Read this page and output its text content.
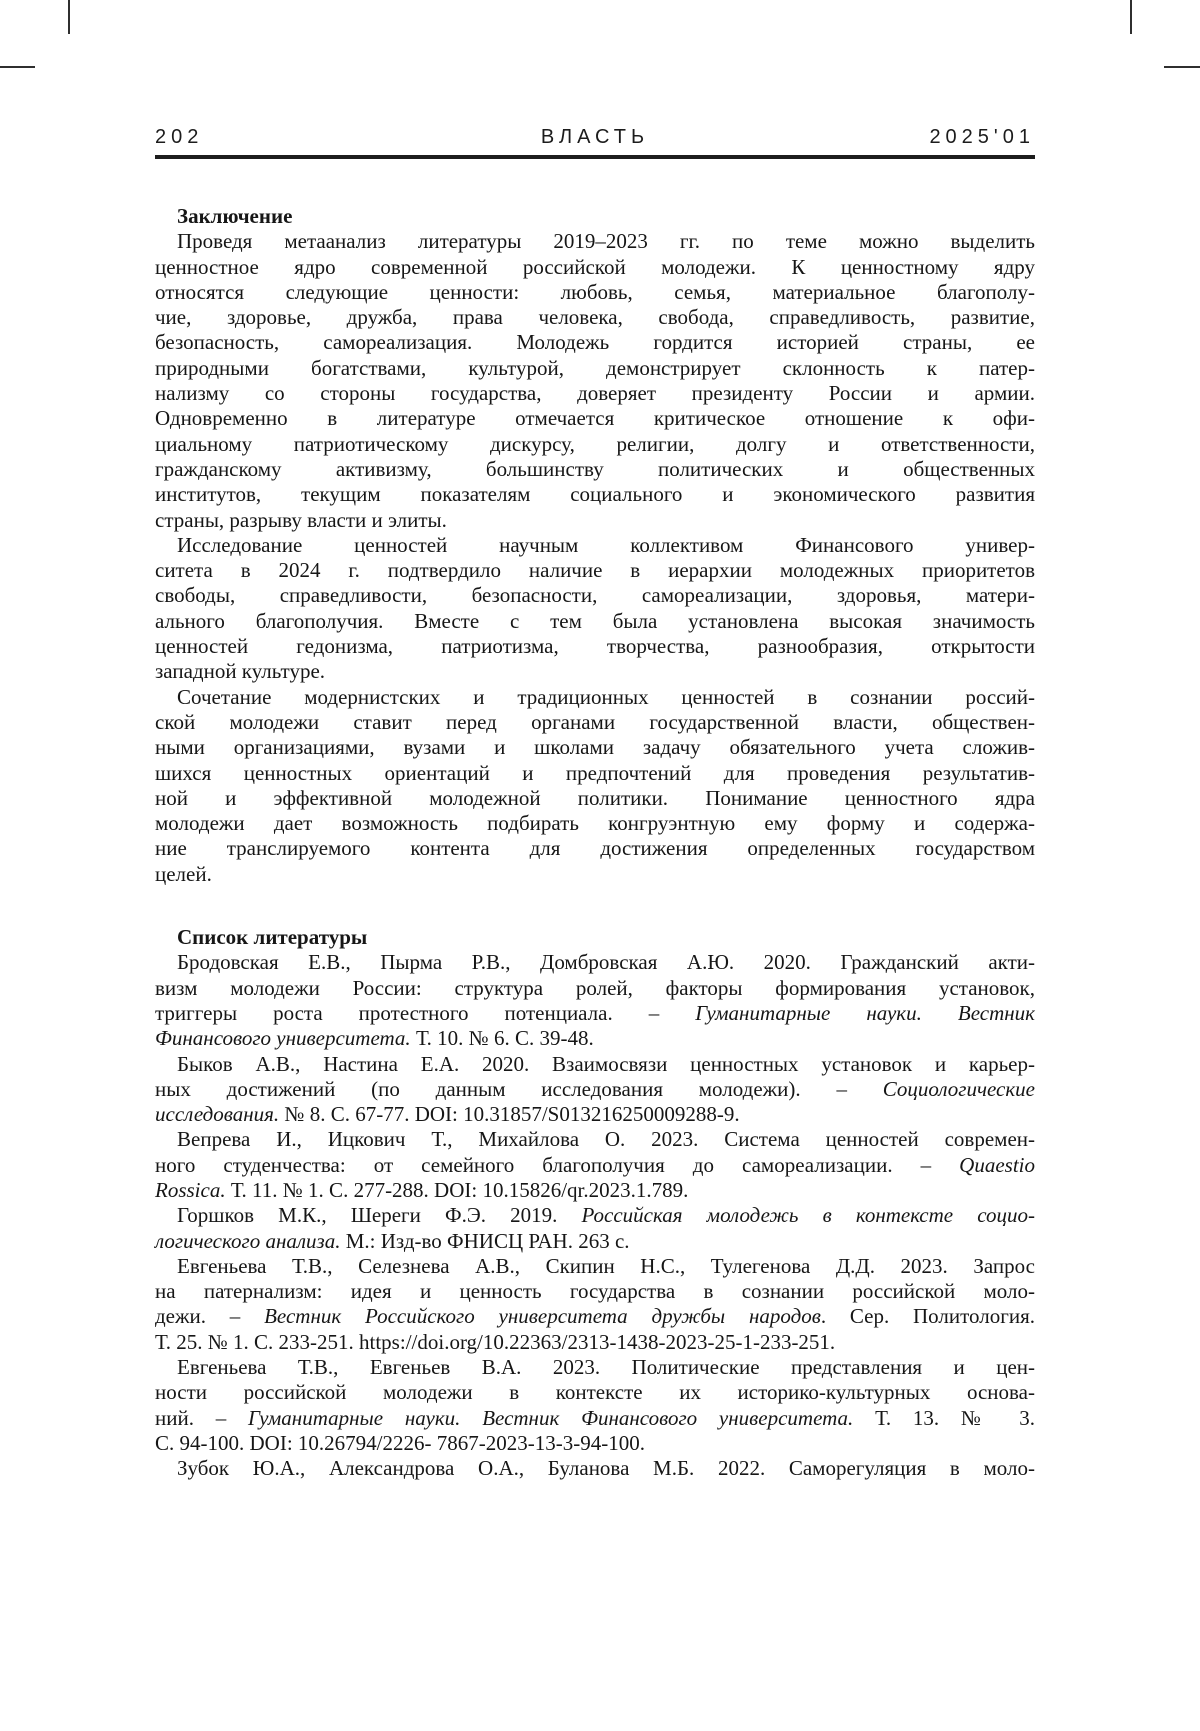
202	ВЛАСТЬ	2025'01
Заключение
Проведя метаанализ литературы 2019–2023 гг. по теме можно выделить
ценностное ядро современной российской молодежи. К ценностному ядру
относятся следующие ценности: любовь, семья, материальное благополу-
чие, здоровье, дружба, права человека, свобода, справедливость, развитие,
безопасность, самореализация. Молодежь гордится историей страны, ее
природными богатствами, культурой, демонстрирует склонность к патер-
нализму со стороны государства, доверяет президенту России и армии.
Одновременно в литературе отмечается критическое отношение к офи-
циальному патриотическому дискурсу, религии, долгу и ответственности,
гражданскому активизму, большинству политических и общественных
институтов, текущим показателям социального и экономического развития
страны, разрыву власти и элиты.
Исследование ценностей научным коллективом Финансового универ-
ситета в 2024 г. подтвердило наличие в иерархии молодежных приоритетов
свободы, справедливости, безопасности, самореализации, здоровья, матери-
ального благополучия. Вместе с тем была установлена высокая значимость
ценностей гедонизма, патриотизма, творчества, разнообразия, открытости
западной культуре.
Сочетание модернистских и традиционных ценностей в сознании россий-
ской молодежи ставит перед органами государственной власти, обществен-
ными организациями, вузами и школами задачу обязательного учета сложив-
шихся ценностных ориентаций и предпочтений для проведения результатив-
ной и эффективной молодежной политики. Понимание ценностного ядра
молодежи дает возможность подбирать конгруэнтную ему форму и содержа-
ние транслируемого контента для достижения определенных государством
целей.
Список литературы
Бродовская Е.В., Пырма Р.В., Домбровская А.Ю. 2020. Гражданский акти-
визм молодежи России: структура ролей, факторы формирования установок,
триггеры роста протестного потенциала. – Гуманитарные науки. Вестник
Финансового университета. Т. 10. № 6. С. 39-48.
Быков А.В., Настина Е.А. 2020. Взаимосвязи ценностных установок и карьер-
ных достижений (по данным исследования молодежи). – Социологические
исследования. № 8. С. 67-77. DOI: 10.31857/S013216250009288-9.
Вепрева И., Ицкович Т., Михайлова О. 2023. Система ценностей современ-
ного студенчества: от семейного благополучия до самореализации. – Quaestio
Rossica. Т. 11. № 1. С. 277-288. DOI: 10.15826/qr.2023.1.789.
Горшков М.К., Шереги Ф.Э. 2019. Российская молодежь в контексте социо-
логического анализа. М.: Изд-во ФНИСЦ РАН. 263 с.
Евгеньева Т.В., Селезнева А.В., Скипин Н.С., Тулегенова Д.Д. 2023. Запрос
на патернализм: идея и ценность государства в сознании российской моло-
дежи. – Вестник Российского университета дружбы народов. Сер. Политология.
Т. 25. № 1. С. 233-251. https://doi.org/10.22363/2313-1438-2023-25-1-233-251.
Евгеньева Т.В., Евгеньев В.А. 2023. Политические представления и цен-
ности российской молодежи в контексте их историко-культурных основа-
ний. – Гуманитарные науки. Вестник Финансового университета. Т. 13. № 3.
С. 94-100. DOI: 10.26794/2226- 7867-2023-13-3-94-100.
Зубок Ю.А., Александрова О.А., Буланова М.Б. 2022. Саморегуляция в моло-
